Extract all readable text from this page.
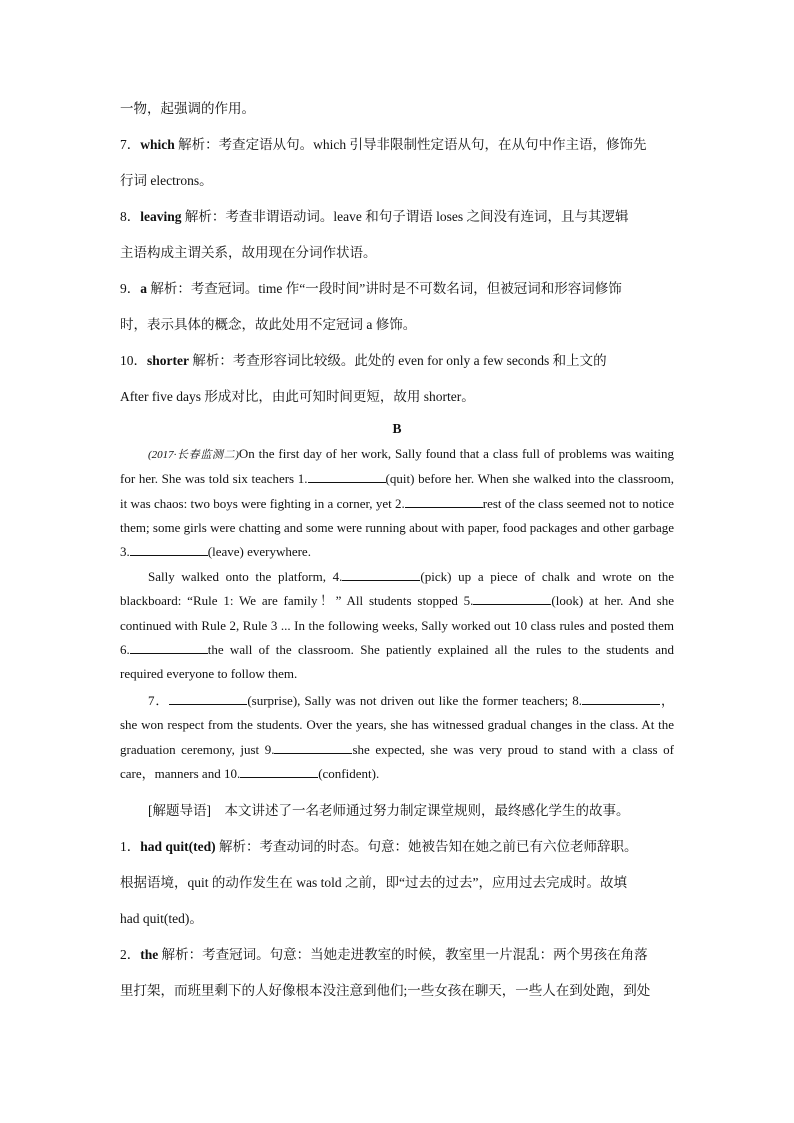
一物，起强调的作用。
7．which 解析：考查定语从句。which 引导非限制性定语从句，在从句中作主语，修饰先
行词 electrons。
8．leaving 解析：考查非谓语动词。leave 和句子谓语 loses 之间没有连词，且与其逻辑
主语构成主谓关系，故用现在分词作状语。
9．a 解析：考查冠词。time 作“一段时间”讲时是不可数名词，但被冠词和形容词修饰
时，表示具体的概念，故此处用不定冠词 a 修饰。
10．shorter 解析：考查形容词比较级。此处的 even for only a few seconds 和上文的
After five days 形成对比，由此可知时间更短，故用 shorter。
B
(2017·长春监测二)On the first day of her work, Sally found that a class full of problems was waiting for her. She was told six teachers 1.	(quit) before her. When she walked into the classroom, it was chaos: two boys were fighting in a corner, yet 2.	rest of the class seemed not to notice them; some girls were chatting and some were running about with paper, food packages and other garbage 3.	(leave) everywhere.
Sally walked onto the platform, 4.	(pick) up a piece of chalk and wrote on the blackboard: “Rule 1: We are family！” All students stopped 5.	(look) at her. And she continued with Rule 2, Rule 3 ... In the following weeks, Sally worked out 10 class rules and posted them 6.	the wall of the classroom. She patiently explained all the rules to the students and required everyone to follow them.
7．	(surprise), Sally was not driven out like the former teachers; 8.	， she won respect from the students. Over the years, she has witnessed gradual changes in the class. At the graduation ceremony, just 9.	she expected, she was very proud to stand with a class of care，manners and 10.	(confident).
[解题导语]　本文讲述了一名老师通过努力制定课堂规则，最终感化学生的故事。
1．had quit(ted) 解析：考查动词的时态。句意：她被告知在她之前已有六位老师辞职。
根据语境，quit 的动作发生在 was told 之前，即“过去的过去”，应用过去完成时。故填
had quit(ted)。
2．the 解析：考查冠词。句意：当她走进教室的时候，教室里一片混乱：两个男孩在角落
里打架，而班里剩下的人好像根本没注意到他们;一些女孩在聊天，一些人在到处跑，到处
